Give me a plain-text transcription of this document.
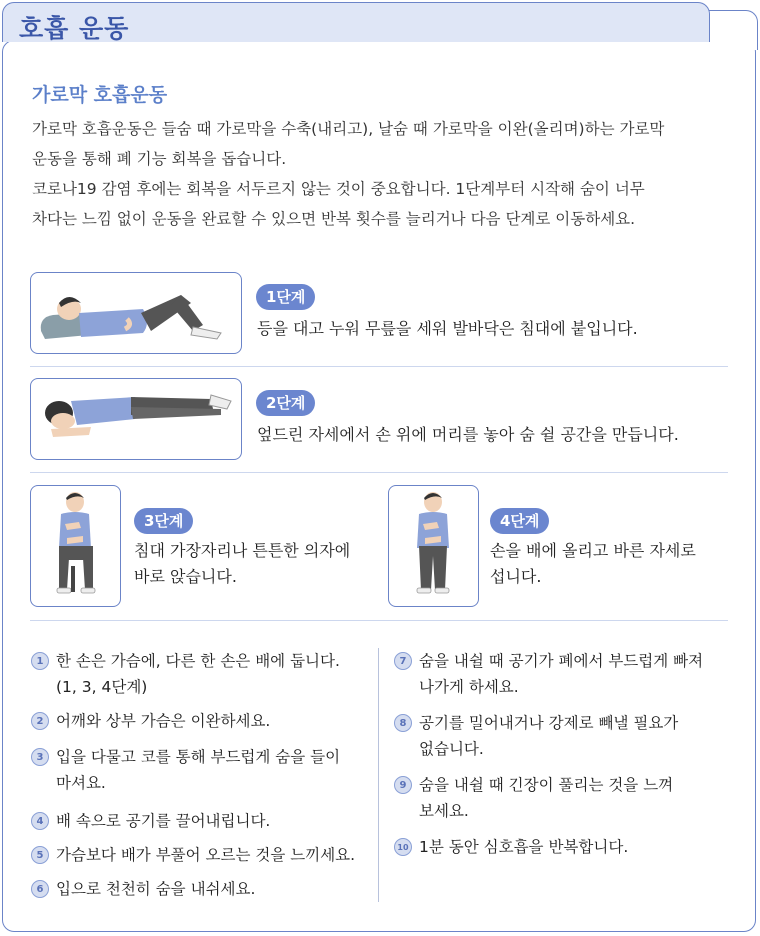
호흡 운동
가로막 호흡운동

가로막 호흡운동은 들숨 때 가로막을 수축(내리고), 날숨 때 가로막을 이완(올리며)하는 가로막

운동을 통해 폐 기능 회복을 돕습니다.

코로나19 감염 후에는 회복을 서두르지 않는 것이 중요합니다. 1단계부터 시작해 숨이 너무

차다는 느낌 없이 운동을 완료할 수 있으면 반복 횟수를 늘리거나 다음 단계로 이동하세요.

1단계
등을 대고 누워 무릎을 세워 발바닥은 침대에 붙입니다.
2단계
엎드린 자세에서 손 위에 머리를 놓아 숨 쉴 공간을 만듭니다.
3단계
침대 가장자리나 튼튼한 의자에
바로 앉습니다.
4단계
손을 배에 올리고 바른 자세로
섭니다.
1 한 손은 가슴에, 다른 한 손은 배에 둡니다.
(1, 3, 4단계)
2 어깨와 상부 가슴은 이완하세요.
3 입을 다물고 코를 통해 부드럽게 숨을 들이
마셔요.
4 배 속으로 공기를 끌어내립니다.
5 가슴보다 배가 부풀어 오르는 것을 느끼세요.
6 입으로 천천히 숨을 내쉬세요.
7 숨을 내쉴 때 공기가 폐에서 부드럽게 빠져
나가게 하세요.
8 공기를 밀어내거나 강제로 빼낼 필요가
없습니다.
9 숨을 내쉴 때 긴장이 풀리는 것을 느껴
보세요.
10 1분 동안 심호흡을 반복합니다.
